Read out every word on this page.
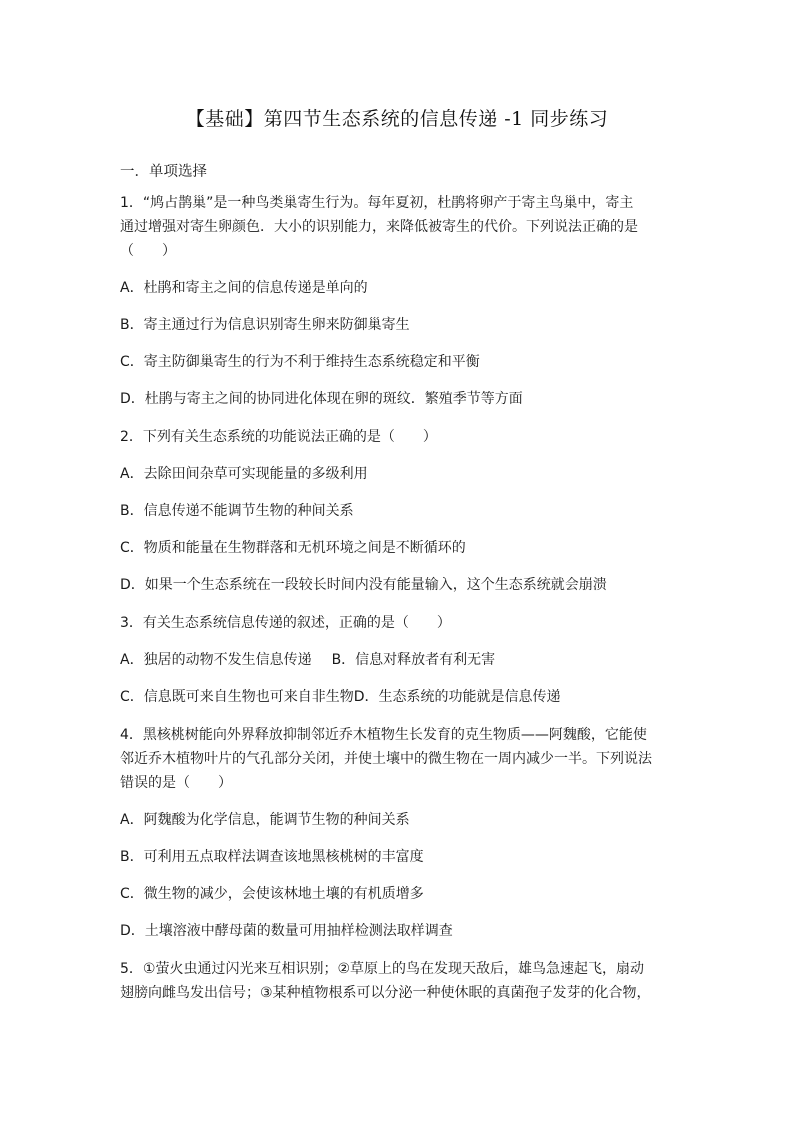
【基础】第四节生态系统的信息传递 -1 同步练习
一．单项选择
1．“鸠占鹊巢”是一种鸟类巢寄生行为。每年夏初，杜鹃将卵产于寄主鸟巢中，寄主
通过增强对寄生卵颜色．大小的识别能力，来降低被寄生的代价。下列说法正确的是
（　　）
A．杜鹃和寄主之间的信息传递是单向的
B．寄主通过行为信息识别寄生卵来防御巢寄生
C．寄主防御巢寄生的行为不利于维持生态系统稳定和平衡
D．杜鹃与寄主之间的协同进化体现在卵的斑纹．繁殖季节等方面
2．下列有关生态系统的功能说法正确的是（　　）
A．去除田间杂草可实现能量的多级利用
B．信息传递不能调节生物的种间关系
C．物质和能量在生物群落和无机环境之间是不断循环的
D．如果一个生态系统在一段较长时间内没有能量输入，这个生态系统就会崩溃
3．有关生态系统信息传递的叙述，正确的是（　　）
A．独居的动物不发生信息传递 B．信息对释放者有利无害
C．信息既可来自生物也可来自非生物D．生态系统的功能就是信息传递
4．黑核桃树能向外界释放抑制邻近乔木植物生长发育的克生物质——阿魏酸，它能使
邻近乔木植物叶片的气孔部分关闭，并使土壤中的微生物在一周内减少一半。下列说法
错误的是（　　）
A．阿魏酸为化学信息，能调节生物的种间关系
B．可利用五点取样法调查该地黑核桃树的丰富度
C．微生物的减少，会使该林地土壤的有机质增多
D．土壤溶液中酵母菌的数量可用抽样检测法取样调查
5．①萤火虫通过闪光来互相识别；②草原上的鸟在发现天敌后，雄鸟急速起飞，扇动
翅膀向雌鸟发出信号；③某种植物根系可以分泌一种使休眠的真菌孢子发芽的化合物，
